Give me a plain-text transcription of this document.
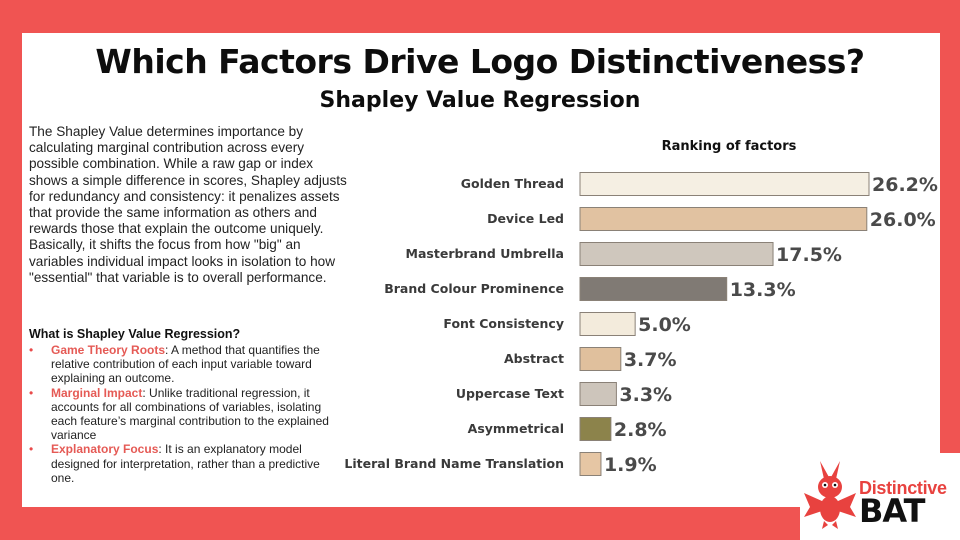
Which Factors Drive Logo Distinctiveness?
Shapley Value Regression
The Shapley Value determines importance by calculating marginal contribution across every possible combination. While a raw gap or index shows a simple difference in scores, Shapley adjusts for redundancy and consistency: it penalizes assets that provide the same information as others and rewards those that explain the outcome uniquely. Basically, it shifts the focus from how "big" an variables individual impact looks in isolation to how "essential" that variable is to overall performance.
What is Shapley Value Regression?
• Game Theory Roots: A method that quantifies the relative contribution of each input variable toward explaining an outcome.
• Marginal Impact: Unlike traditional regression, it accounts for all combinations of variables, isolating each feature’s marginal contribution to the explained variance
• Explanatory Focus: It is an explanatory model designed for interpretation, rather than a predictive one.
Ranking of factors
Golden Thread	26.2%
Device Led	26.0%
Masterbrand Umbrella	17.5%
Brand Colour Prominence	13.3%
Font Consistency	5.0%
Abstract	3.7%
Uppercase Text	3.3%
Asymmetrical	2.8%
Literal Brand Name Translation 1.9%
Distinctive
BAT
